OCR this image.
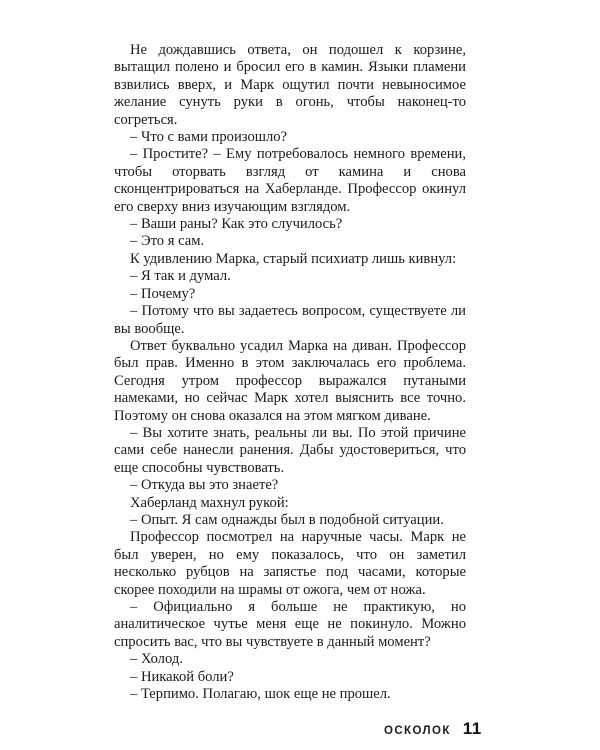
Не дождавшись ответа, он подошел к корзине, вытащил полено и бросил его в камин. Языки пламени взвились вверх, и Марк ощутил почти невыносимое желание сунуть руки в огонь, чтобы наконец-то согреться.

– Что с вами произошло?

– Простите? – Ему потребовалось немного времени, чтобы оторвать взгляд от камина и снова сконцентрироваться на Хаберланде. Профессор окинул его сверху вниз изучающим взглядом.

– Ваши раны? Как это случилось?

– Это я сам.

К удивлению Марка, старый психиатр лишь кивнул:

– Я так и думал.

– Почему?

– Потому что вы задаетесь вопросом, существуете ли вы вообще.

Ответ буквально усадил Марка на диван. Профессор был прав. Именно в этом заключалась его проблема. Сегодня утром профессор выражался путаными намеками, но сейчас Марк хотел выяснить все точно. Поэтому он снова оказался на этом мягком диване.

– Вы хотите знать, реальны ли вы. По этой причине сами себе нанесли ранения. Дабы удостовериться, что еще способны чувствовать.

– Откуда вы это знаете?

Хаберланд махнул рукой:

– Опыт. Я сам однажды был в подобной ситуации.

Профессор посмотрел на наручные часы. Марк не был уверен, но ему показалось, что он заметил несколько рубцов на запястье под часами, которые скорее походили на шрамы от ожога, чем от ножа.

– Официально я больше не практикую, но аналитическое чутье меня еще не покинуло. Можно спросить вас, что вы чувствуете в данный момент?

– Холод.

– Никакой боли?

– Терпимо. Полагаю, шок еще не прошел.

ОСКОЛОК 11
